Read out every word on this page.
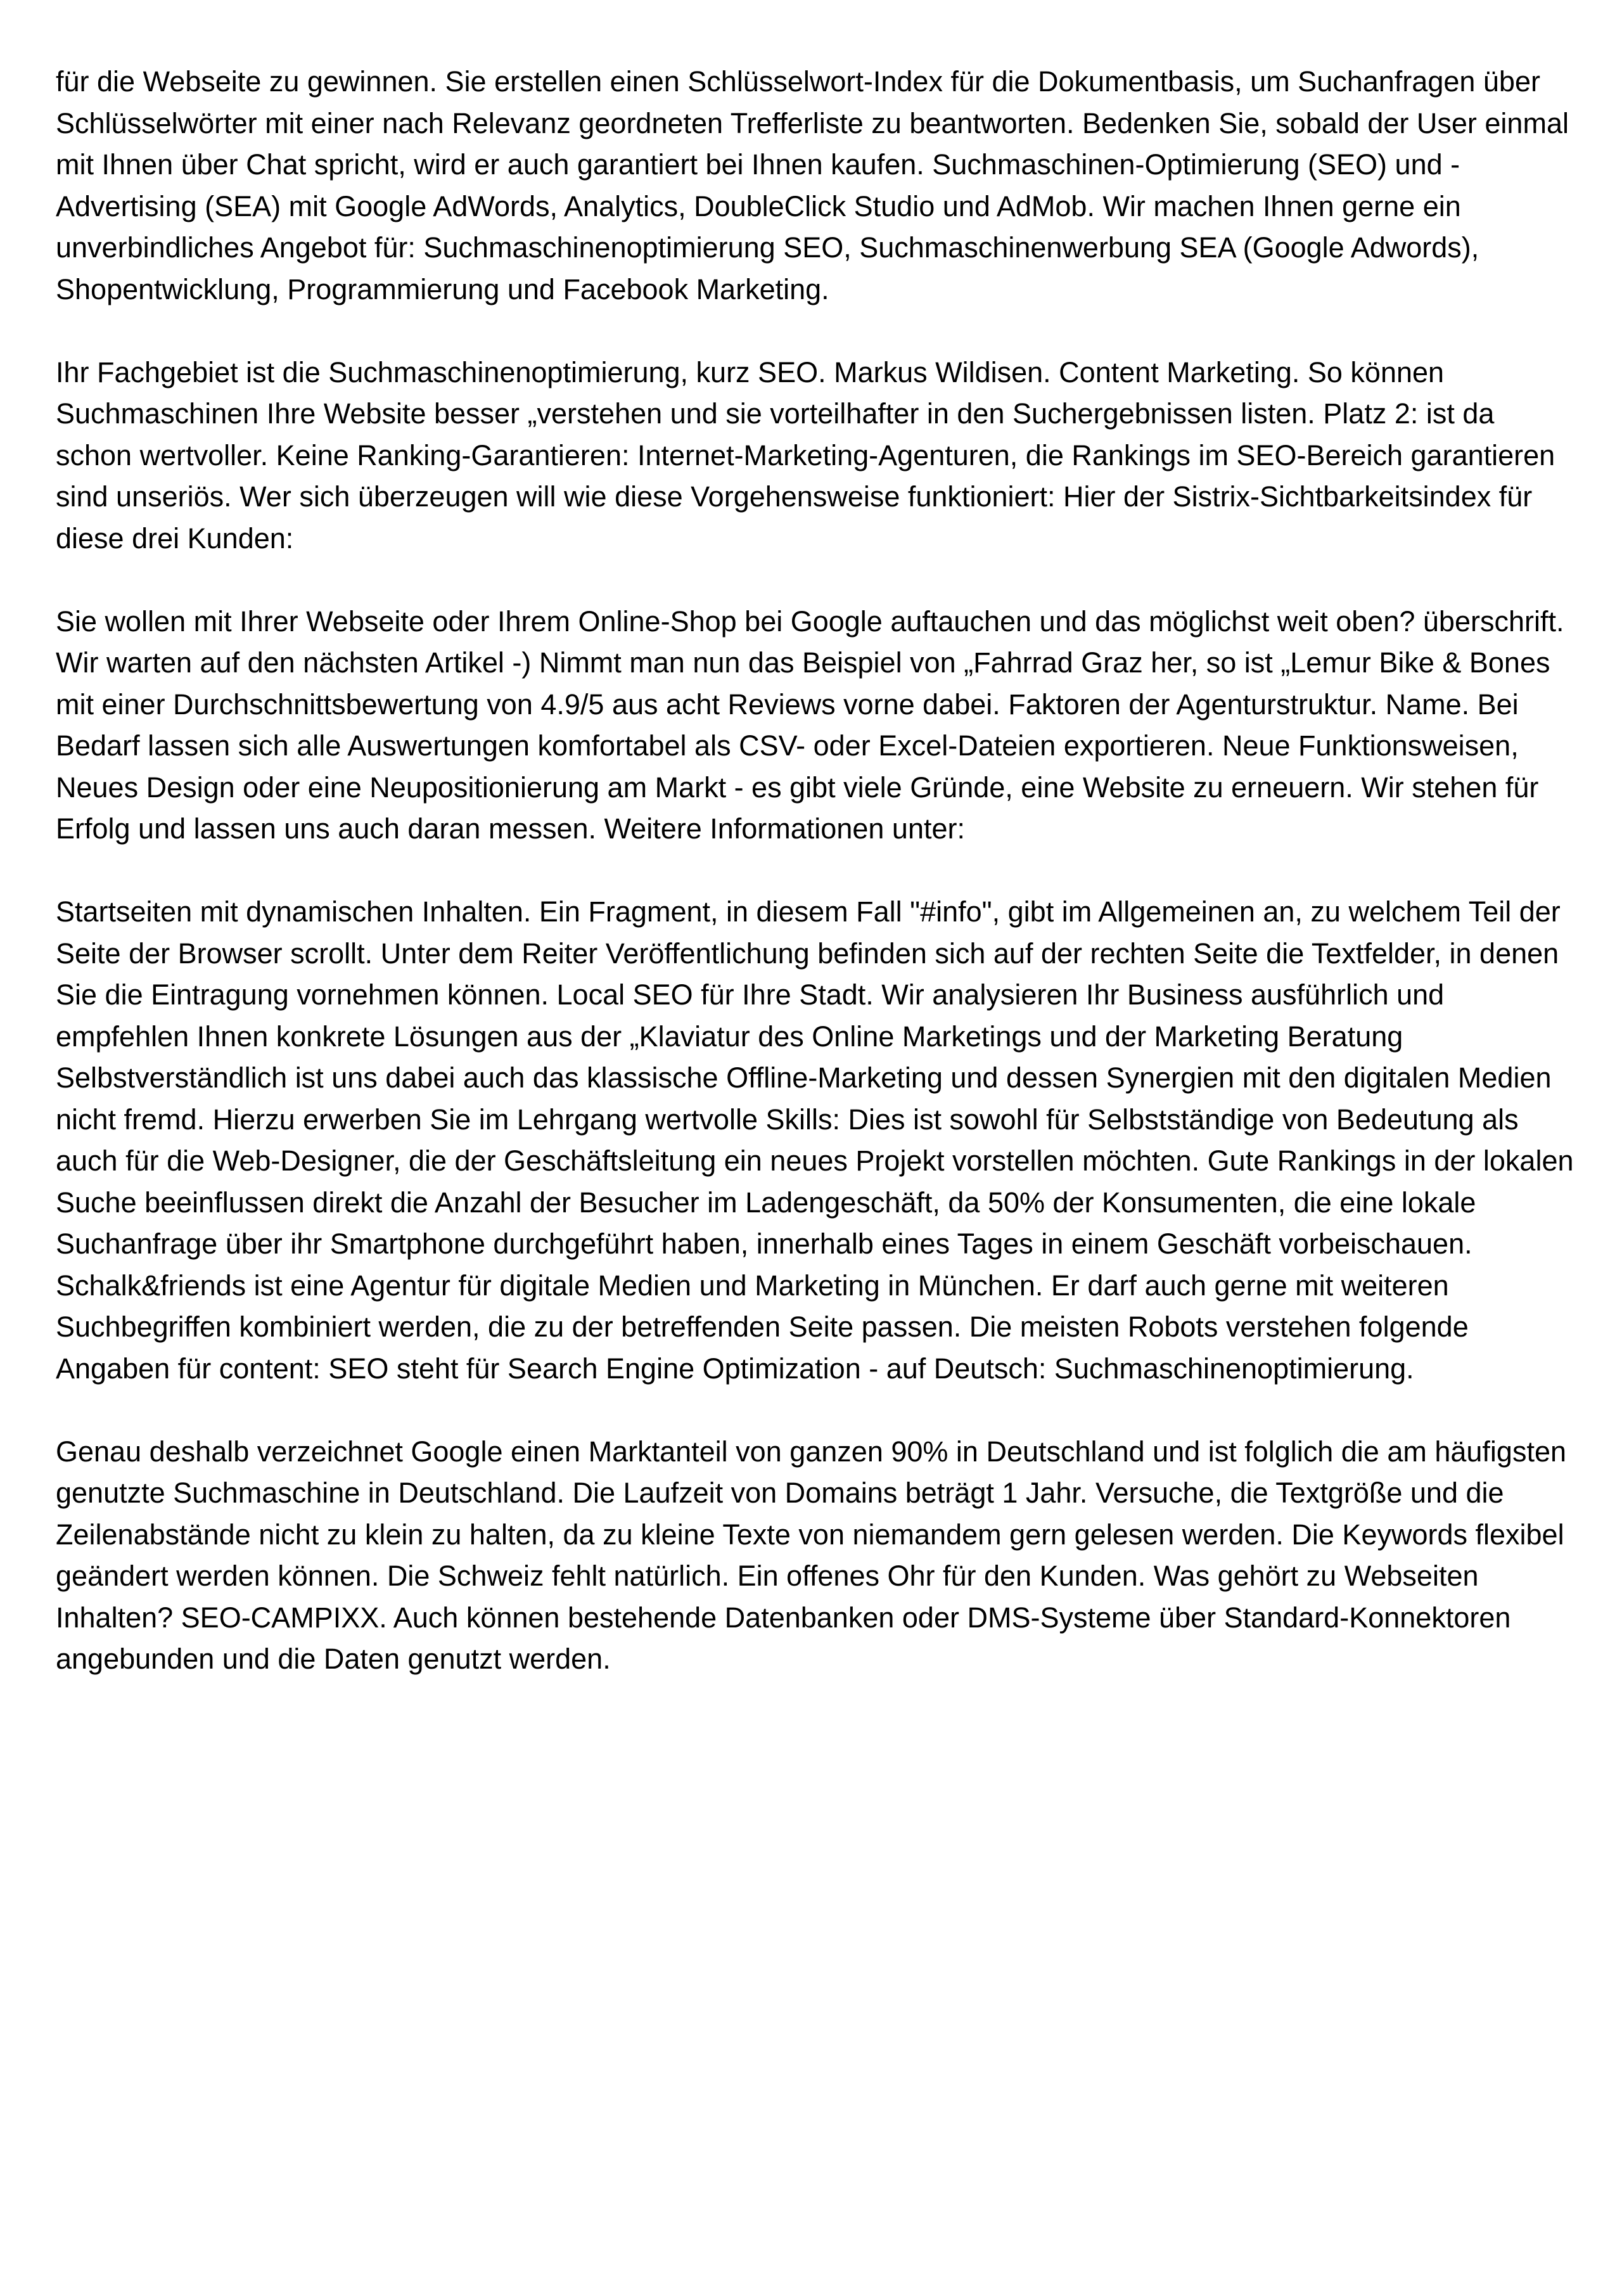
für die Webseite zu gewinnen. Sie erstellen einen Schlüsselwort-Index für die Dokumentbasis, um Suchanfragen über Schlüsselwörter mit einer nach Relevanz geordneten Trefferliste zu beantworten. Bedenken Sie, sobald der User einmal mit Ihnen über Chat spricht, wird er auch garantiert bei Ihnen kaufen. Suchmaschinen-Optimierung (SEO) und -Advertising (SEA) mit Google AdWords, Analytics, DoubleClick Studio und AdMob. Wir machen Ihnen gerne ein unverbindliches Angebot für: Suchmaschinenoptimierung SEO, Suchmaschinenwerbung SEA (Google Adwords), Shopentwicklung, Programmierung und Facebook Marketing.

Ihr Fachgebiet ist die Suchmaschinenoptimierung, kurz SEO. Markus Wildisen. Content Marketing. So können Suchmaschinen Ihre Website besser „verstehen und sie vorteilhafter in den Suchergebnissen listen. Platz 2: ist da schon wertvoller. Keine Ranking-Garantieren: Internet-Marketing-Agenturen, die Rankings im SEO-Bereich garantieren sind unseriös. Wer sich überzeugen will wie diese Vorgehensweise funktioniert: Hier der Sistrix-Sichtbarkeitsindex für diese drei Kunden:

Sie wollen mit Ihrer Webseite oder Ihrem Online-Shop bei Google auftauchen und das möglichst weit oben? überschrift. Wir warten auf den nächsten Artikel -) Nimmt man nun das Beispiel von „Fahrrad Graz her, so ist „Lemur Bike & Bones mit einer Durchschnittsbewertung von 4.9/5 aus acht Reviews vorne dabei. Faktoren der Agenturstruktur. Name. Bei Bedarf lassen sich alle Auswertungen komfortabel als CSV- oder Excel-Dateien exportieren. Neue Funktionsweisen, Neues Design oder eine Neupositionierung am Markt - es gibt viele Gründe, eine Website zu erneuern. Wir stehen für Erfolg und lassen uns auch daran messen. Weitere Informationen unter:

Startseiten mit dynamischen Inhalten. Ein Fragment, in diesem Fall "#info", gibt im Allgemeinen an, zu welchem Teil der Seite der Browser scrollt. Unter dem Reiter Veröffentlichung befinden sich auf der rechten Seite die Textfelder, in denen Sie die Eintragung vornehmen können. Local SEO für Ihre Stadt. Wir analysieren Ihr Business ausführlich und empfehlen Ihnen konkrete Lösungen aus der „Klaviatur des Online Marketings und der Marketing Beratung Selbstverständlich ist uns dabei auch das klassische Offline-Marketing und dessen Synergien mit den digitalen Medien nicht fremd. Hierzu erwerben Sie im Lehrgang wertvolle Skills: Dies ist sowohl für Selbstständige von Bedeutung als auch für die Web-Designer, die der Geschäftsleitung ein neues Projekt vorstellen möchten. Gute Rankings in der lokalen Suche beeinflussen direkt die Anzahl der Besucher im Ladengeschäft, da 50% der Konsumenten, die eine lokale Suchanfrage über ihr Smartphone durchgeführt haben, innerhalb eines Tages in einem Geschäft vorbeischauen. Schalk&friends ist eine Agentur für digitale Medien und Marketing in München. Er darf auch gerne mit weiteren Suchbegriffen kombiniert werden, die zu der betreffenden Seite passen. Die meisten Robots verstehen folgende Angaben für content: SEO steht für Search Engine Optimization - auf Deutsch: Suchmaschinenoptimierung.

Genau deshalb verzeichnet Google einen Marktanteil von ganzen 90% in Deutschland und ist folglich die am häufigsten genutzte Suchmaschine in Deutschland. Die Laufzeit von Domains beträgt 1 Jahr. Versuche, die Textgröße und die Zeilenabstände nicht zu klein zu halten, da zu kleine Texte von niemandem gern gelesen werden. Die Keywords flexibel geändert werden können. Die Schweiz fehlt natürlich. Ein offenes Ohr für den Kunden. Was gehört zu Webseiten Inhalten? SEO-CAMPIXX. Auch können bestehende Datenbanken oder DMS-Systeme über Standard-Konnektoren angebunden und die Daten genutzt werden.
